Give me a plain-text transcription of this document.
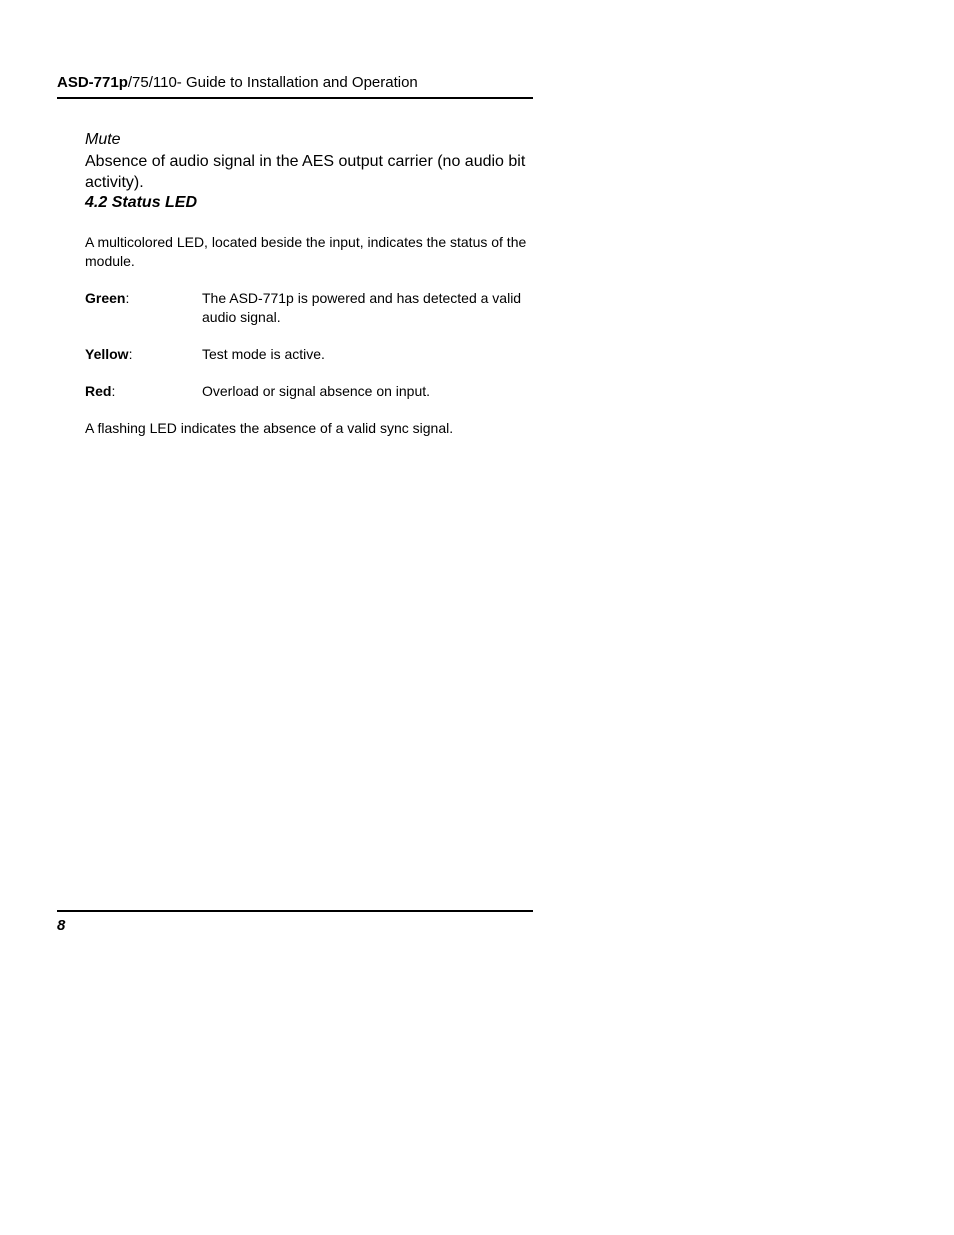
ASD-771p/75/110- Guide to Installation and Operation

Mute

Absence of audio signal in the AES output carrier (no audio bit activity).

4.2 Status LED

A multicolored LED, located beside the input, indicates the status of the module.

Green:	The ASD-771p is powered and has detected a valid audio signal.
Yellow:	Test mode is active.
Red:	Overload or signal absence on input.

A flashing LED indicates the absence of a valid sync signal.

8
